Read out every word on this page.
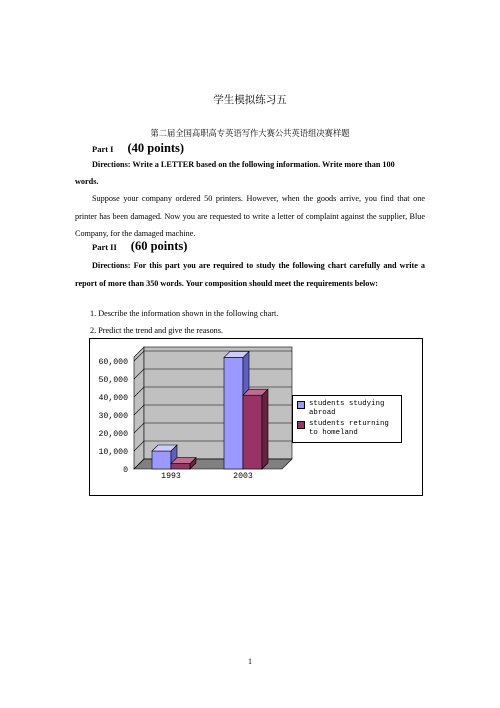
学生模拟练习五
第二届全国高职高专英语写作大赛公共英语组决赛样题
Part I (40 points)
Directions: Write a LETTER based on the following information. Write more than 100
words.
Suppose your company ordered 50 printers. However, when the goods arrive, you find that one printer has been damaged. Now you are requested to write a letter of complaint against the supplier, Blue Company, for the damaged machine.
Part II (60 points)
Directions: For this part you are required to study the following chart carefully and write a report of more than 350 words. Your composition should meet the requirements below:
1. Describe the information shown in the following chart.
2. Predict the trend and give the reasons.
60,000
50,000
40,000
30,000
20,000
10,000
0
1993	2003
students studying
abroad
students returning
to homeland
1
